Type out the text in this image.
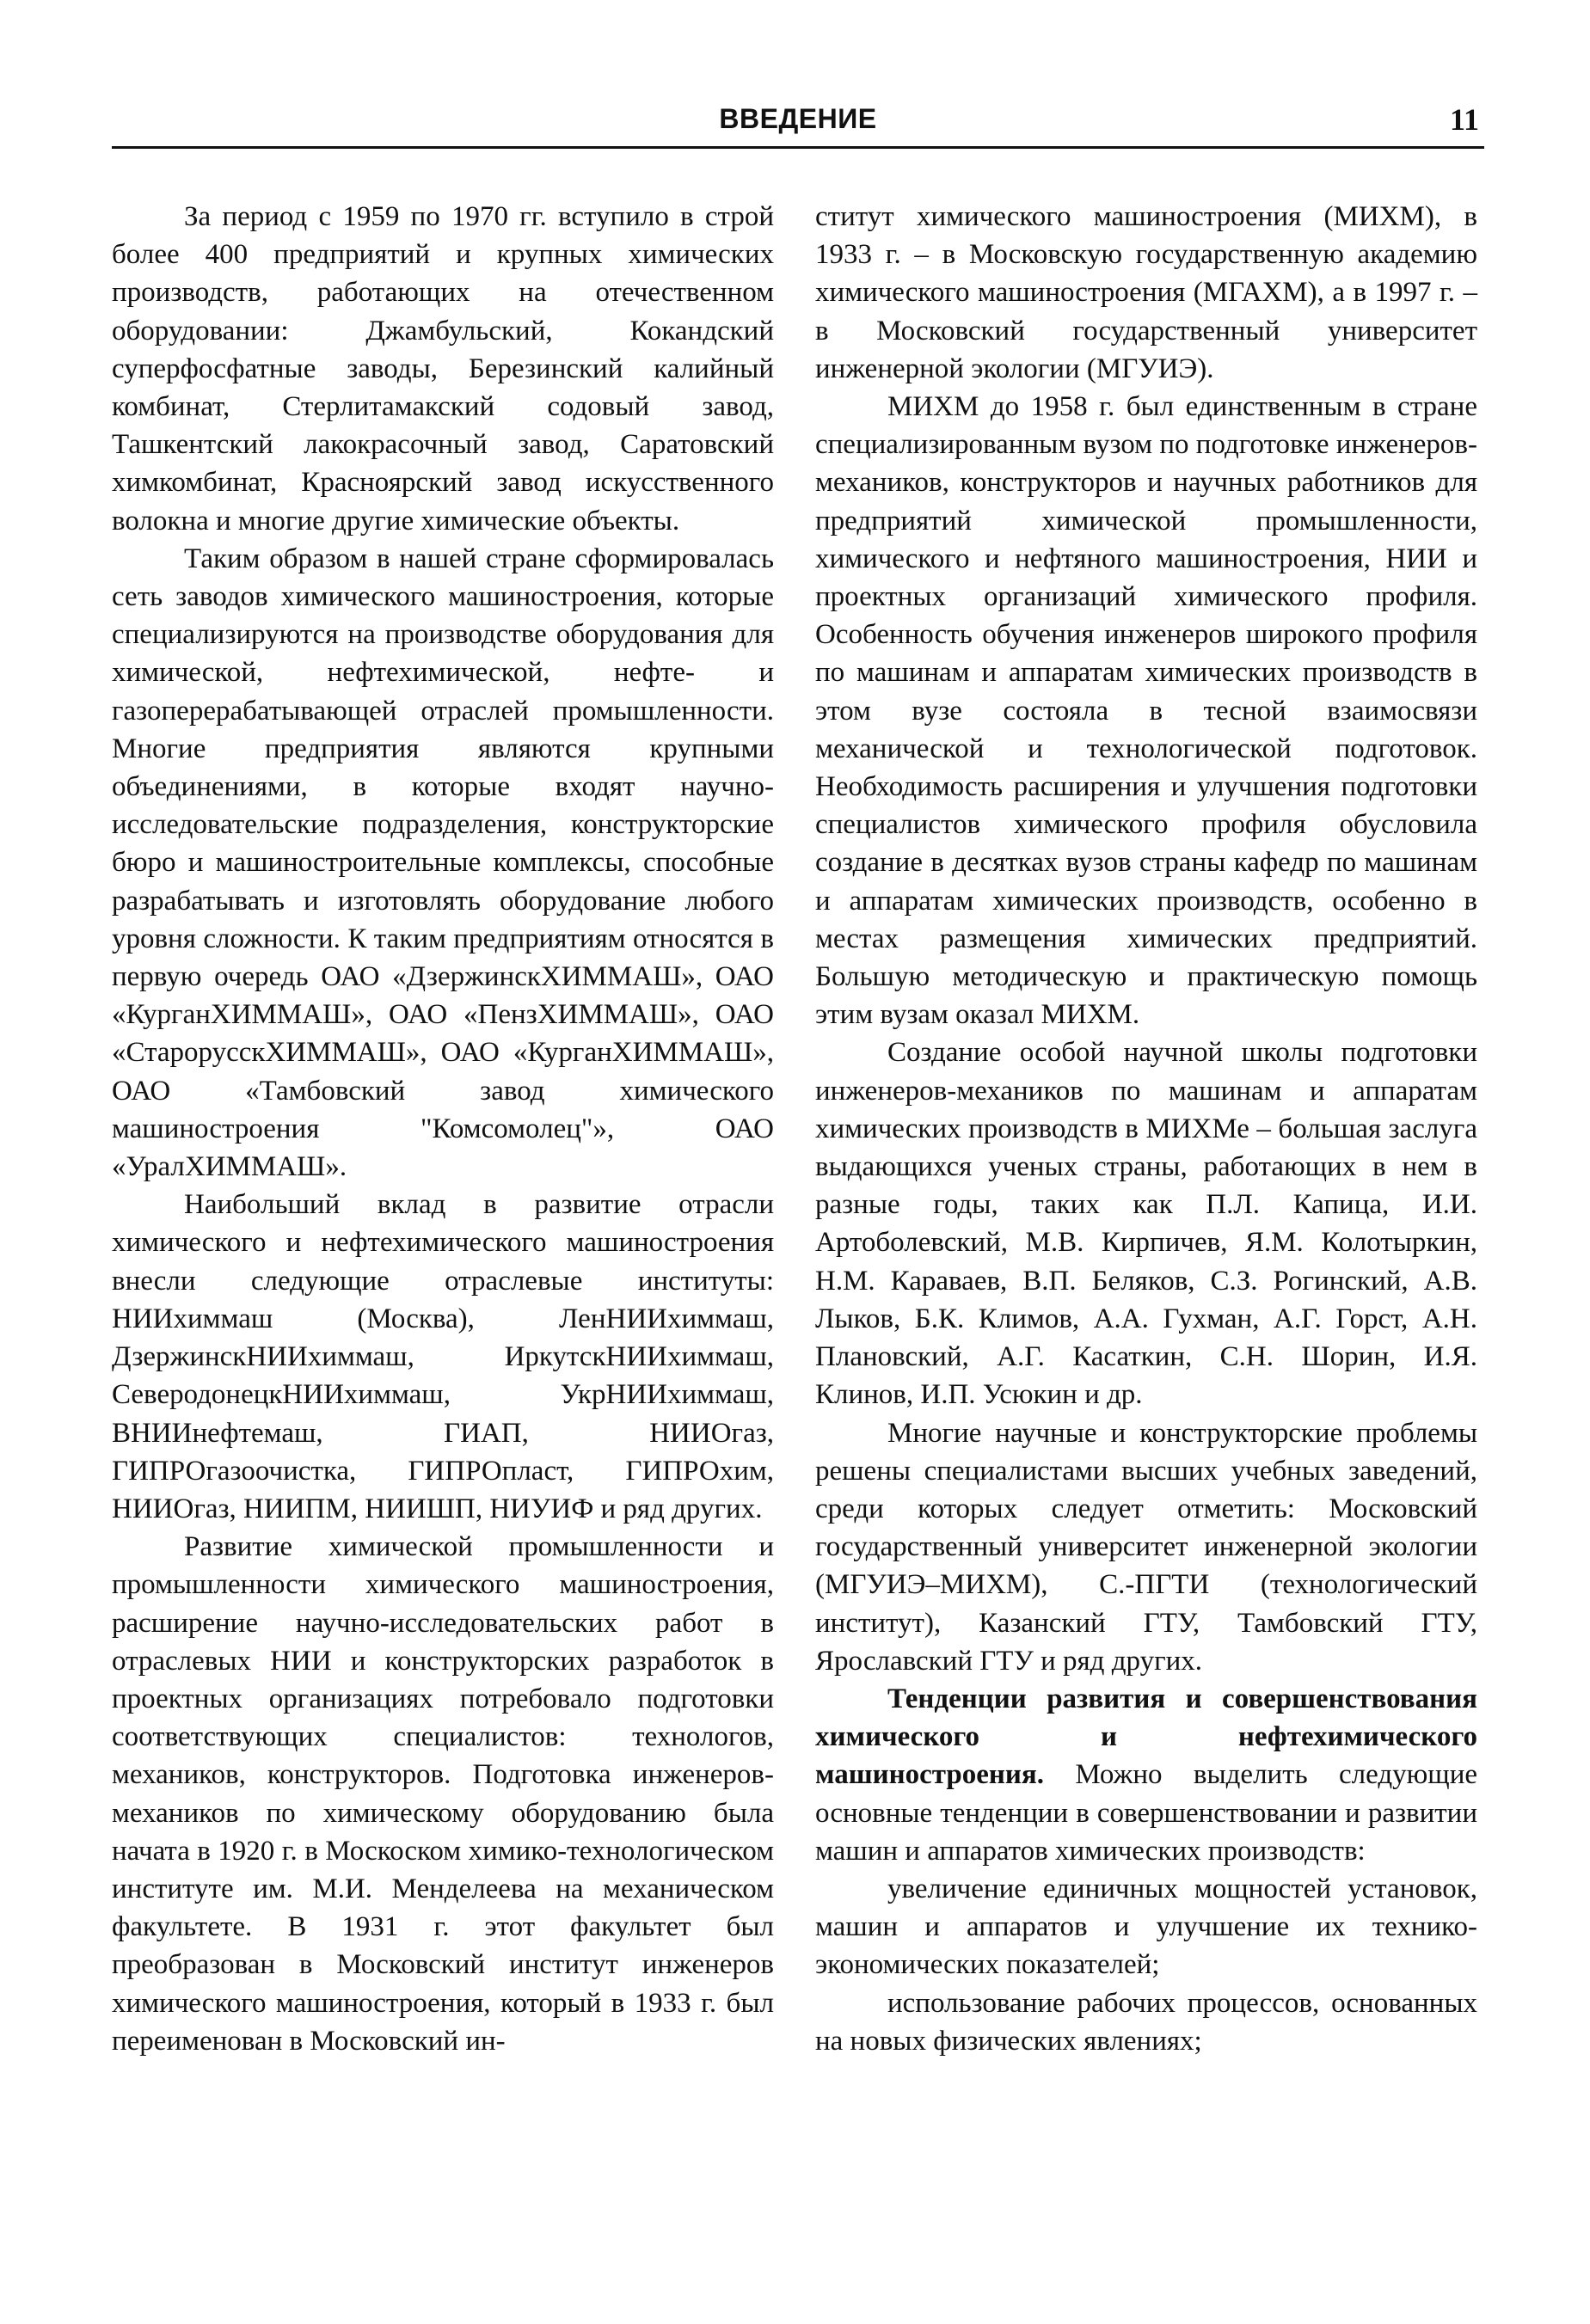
ВВЕДЕНИЕ	11

За период с 1959 по 1970 гг. вступило в строй более 400 предприятий и крупных химических производств, работающих на отечественном оборудовании: Джамбульский, Кокандский суперфосфатные заводы, Березинский калийный комбинат, Стерлитамакский содовый завод, Ташкентский лакокрасочный завод, Саратовский химкомбинат, Красноярский завод искусственного волокна и многие другие химические объекты.

Таким образом в нашей стране сформировалась сеть заводов химического машиностроения, которые специализируются на производстве оборудования для химической, нефтехимической, нефте- и газоперерабатывающей отраслей промышленности. Многие предприятия являются крупными объединениями, в которые входят научно-исследовательские подразделения, конструкторские бюро и машиностроительные комплексы, способные разрабатывать и изготовлять оборудование любого уровня сложности. К таким предприятиям относятся в первую очередь ОАО «ДзержинскХИММАШ», ОАО «КурганХИММАШ», ОАО «ПензХИММАШ», ОАО «СтарорусскХИММАШ», ОАО «КурганХИММАШ», ОАО «Тамбовский завод химического машиностроения "Комсомолец"», ОАО «УралХИММАШ».

Наибольший вклад в развитие отрасли химического и нефтехимического машиностроения внесли следующие отраслевые институты: НИИхиммаш (Москва), ЛенНИИхиммаш, ДзержинскНИИхиммаш, ИркутскНИИхиммаш, СеверодонецкНИИхиммаш, УкрНИИхиммаш, ВНИИнефтемаш, ГИАП, НИИОгаз, ГИПРОгазоочистка, ГИПРОпласт, ГИПРОхим, НИИОгаз, НИИПМ, НИИШП, НИУИФ и ряд других.

Развитие химической промышленности и промышленности химического машиностроения, расширение научно-исследовательских работ в отраслевых НИИ и конструкторских разработок в проектных организациях потребовало подготовки соответствующих специалистов: технологов, механиков, конструкторов. Подготовка инженеров-механиков по химическому оборудованию была начата в 1920 г. в Москоском химико-технологическом институте им. М.И. Менделеева на механическом факультете. В 1931 г. этот факультет был преобразован в Московский институт инженеров химического машиностроения, который в 1933 г. был переименован в Московский ин-

ститут химического машиностроения (МИХМ), в 1933 г. – в Московскую государственную академию химического машиностроения (МГАХМ), а в 1997 г. – в Московский государственный университет инженерной экологии (МГУИЭ).

МИХМ до 1958 г. был единственным в стране специализированным вузом по подготовке инженеров-механиков, конструкторов и научных работников для предприятий химической промышленности, химического и нефтяного машиностроения, НИИ и проектных организаций химического профиля. Особенность обучения инженеров широкого профиля по машинам и аппаратам химических производств в этом вузе состояла в тесной взаимосвязи механической и технологической подготовок. Необходимость расширения и улучшения подготовки специалистов химического профиля обусловила создание в десятках вузов страны кафедр по машинам и аппаратам химических производств, особенно в местах размещения химических предприятий. Большую методическую и практическую помощь этим вузам оказал МИХМ.

Создание особой научной школы подготовки инженеров-механиков по машинам и аппаратам химических производств в МИХМе – большая заслуга выдающихся ученых страны, работающих в нем в разные годы, таких как П.Л. Капица, И.И. Артоболевский, М.В. Кирпичев, Я.М. Колотыркин, Н.М. Караваев, В.П. Беляков, С.З. Рогинский, А.В. Лыков, Б.К. Климов, А.А. Гухман, А.Г. Горст, А.Н. Плановский, А.Г. Касаткин, С.Н. Шорин, И.Я. Клинов, И.П. Усюкин и др.

Многие научные и конструкторские проблемы решены специалистами высших учебных заведений, среди которых следует отметить: Московский государственный университет инженерной экологии (МГУИЭ–МИХМ), С.-ПГТИ (технологический институт), Казанский ГТУ, Тамбовский ГТУ, Ярославский ГТУ и ряд других.

Тенденции развития и совершенствования химического и нефтехимического машиностроения. Можно выделить следующие основные тенденции в совершенствовании и развитии машин и аппаратов химических производств:

увеличение единичных мощностей установок, машин и аппаратов и улучшение их технико-экономических показателей;

использование рабочих процессов, основанных на новых физических явлениях;
